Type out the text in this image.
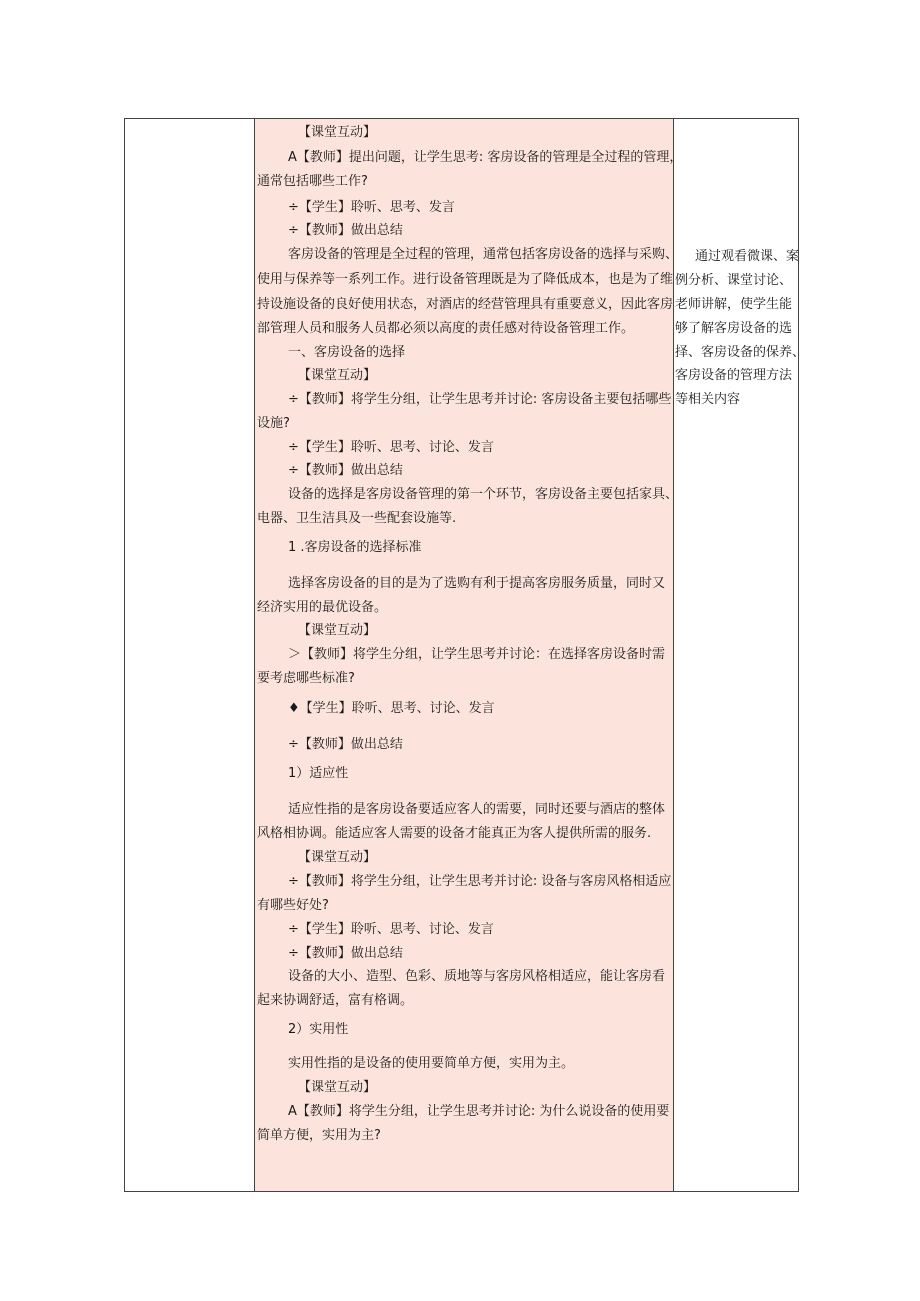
【课堂互动】
A【教师】提出问题，让学生思考: 客房设备的管理是全过程的管理，
通常包括哪些工作?
÷【学生】聆听、思考、发言
÷【教师】做出总结
客房设备的管理是全过程的管理，通常包括客房设备的选择与采购、
使用与保养等一系列工作。进行设备管理既是为了降低成本，也是为了维
持设施设备的良好使用状态，对酒店的经营管理具有重要意义，因此客房
部管理人员和服务人员都必须以高度的责任感对待设备管理工作。
一、客房设备的选择
【课堂互动】
÷【教师】将学生分组，让学生思考并讨论: 客房设备主要包括哪些
设施?
÷【学生】聆听、思考、讨论、发言
÷【教师】做出总结
设备的选择是客房设备管理的第一个环节，客房设备主要包括家具、
电器、卫生洁具及一些配套设施等.
1 .客房设备的选择标准
选择客房设备的目的是为了选购有利于提高客房服务质量，同时又
经济实用的最优设备。
【课堂互动】
＞【教师】将学生分组，让学生思考并讨论：在选择客房设备时需
要考虑哪些标准?
♦【学生】聆听、思考、讨论、发言
÷【教师】做出总结
1）适应性
适应性指的是客房设备要适应客人的需要，同时还要与酒店的整体
风格相协调。能适应客人需要的设备才能真正为客人提供所需的服务.
【课堂互动】
÷【教师】将学生分组，让学生思考并讨论: 设备与客房风格相适应
有哪些好处?
÷【学生】聆听、思考、讨论、发言
÷【教师】做出总结
设备的大小、造型、色彩、质地等与客房风格相适应，能让客房看
起来协调舒适，富有格调。
2）实用性
实用性指的是设备的使用要简单方便，实用为主。
【课堂互动】
A【教师】将学生分组，让学生思考并讨论: 为什么说设备的使用要
简单方便，实用为主?
通过观看微课、案
例分析、课堂讨论、
老师讲解，使学生能
够了解客房设备的选
择、客房设备的保养、
客房设备的管理方法
等相关内容
